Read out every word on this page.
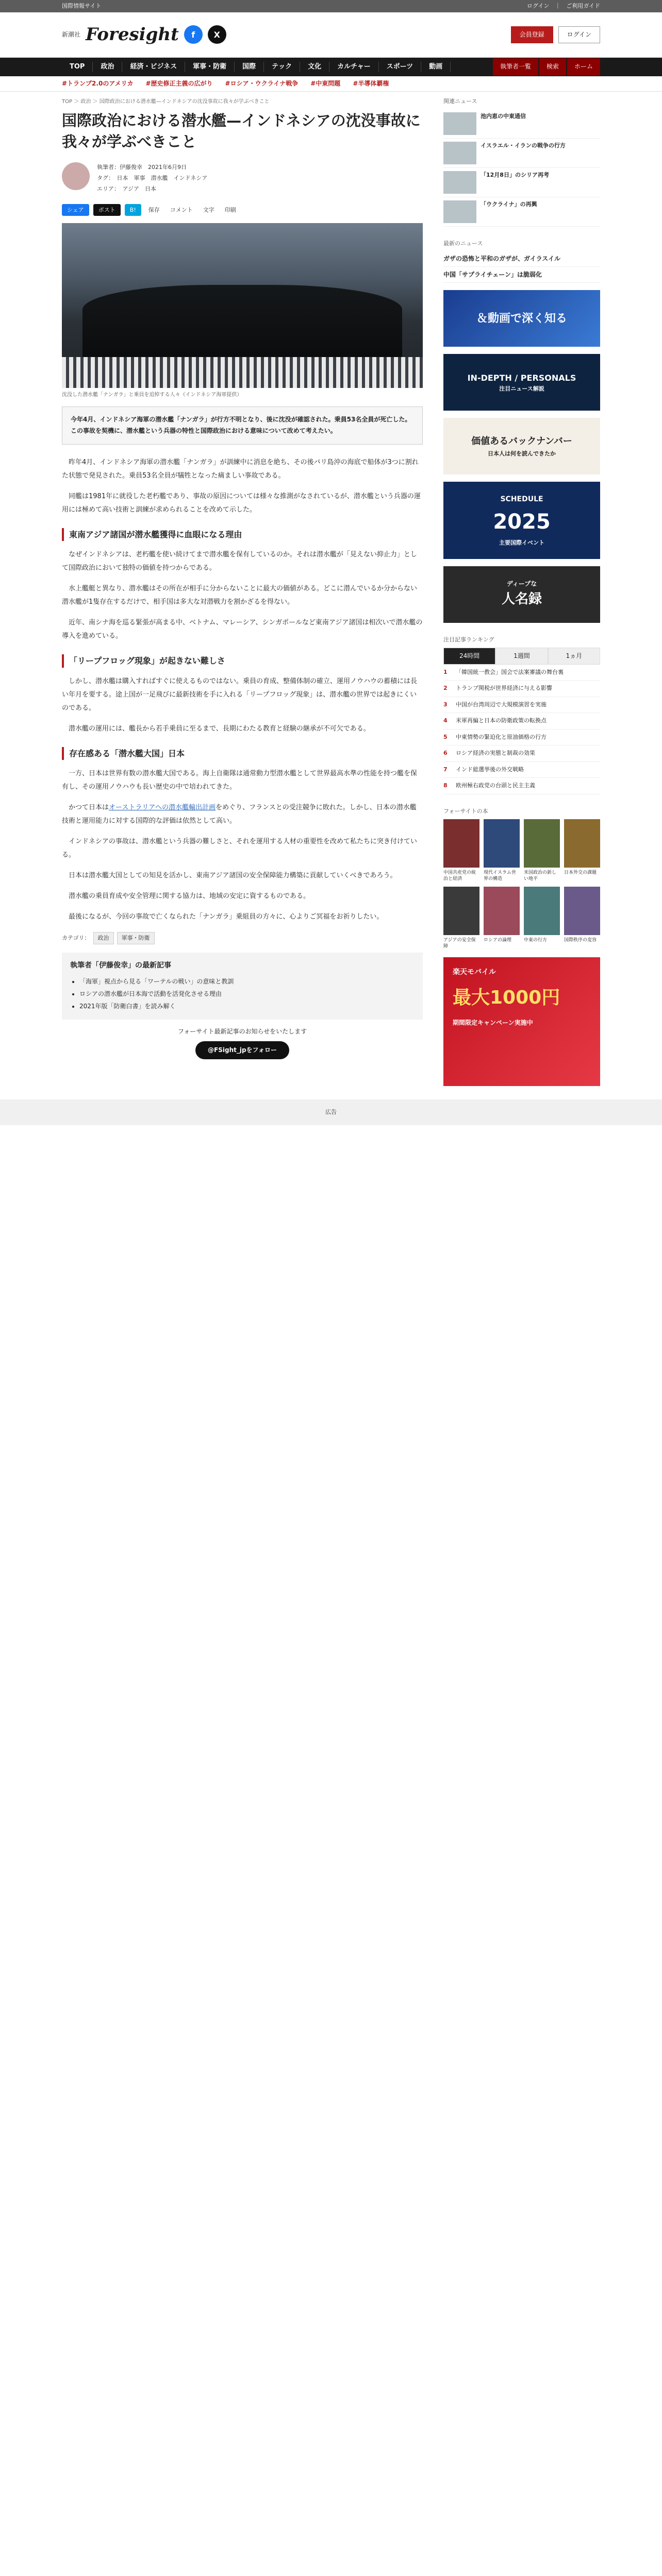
国際情報サイト	ログイン　｜　ご利用ガイド
新潮社 Foresight	f	X	会員登録	ログイン
TOP	政治	経済・ビジネス	軍事・防衛	国際	テック	文化	カルチャー	スポーツ	動画	執筆者一覧	検索	ホーム
#トランプ2.0のアメリカ #歴史修正主義の広がり #ロシア・ウクライナ戦争 #中東問題 #半導体覇権
TOP ＞ 政治 ＞ 国際政治における潜水艦—インドネシアの沈没事故に我々が学ぶべきこと
国際政治における潜水艦—インドネシアの沈没事故に我々が学ぶべきこと
執筆者：伊藤俊幸　 2021年6月9日
タグ：　日本　軍事　潜水艦　インドネシア
エリア：　アジア　日本
シェア	ポスト	B!	保存	コメント	文字	印刷
沈没した潜水艦「ナンガラ」と乗員を追悼する人々（インドネシア海軍提供）
今年4月、インドネシア海軍の潜水艦「ナンガラ」が行方不明となり、後に沈没が確認された。乗員53名全員が死亡した。この事故を契機に、潜水艦という兵器の特性と国際政治における意味について改めて考えたい。

昨年4月、インドネシア海軍の潜水艦「ナンガラ」が訓練中に消息を絶ち、その後バリ島沖の海底で船体が3つに割れた状態で発見された。乗員53名全員が犠牲となった痛ましい事故である。

同艦は1981年に就役した老朽艦であり、事故の原因については様々な推測がなされているが、潜水艦という兵器の運用には極めて高い技術と訓練が求められることを改めて示した。

東南アジア諸国が潜水艦獲得に血眼になる理由

なぜインドネシアは、老朽艦を使い続けてまで潜水艦を保有しているのか。それは潜水艦が「見えない抑止力」として国際政治において独特の価値を持つからである。

水上艦艇と異なり、潜水艦はその所在が相手に分からないことに最大の価値がある。どこに潜んでいるか分からない潜水艦が1隻存在するだけで、相手国は多大な対潜戦力を割かざるを得ない。

近年、南シナ海を巡る緊張が高まる中、ベトナム、マレーシア、シンガポールなど東南アジア諸国は相次いで潜水艦の導入を進めている。

「リープフロッグ現象」が起きない難しさ

しかし、潜水艦は購入すればすぐに使えるものではない。乗員の育成、整備体制の確立、運用ノウハウの蓄積には長い年月を要する。途上国が一足飛びに最新技術を手に入れる「リープフロッグ現象」は、潜水艦の世界では起きにくいのである。

潜水艦の運用には、艦長から若手乗員に至るまで、長期にわたる教育と経験の継承が不可欠である。

存在感ある「潜水艦大国」日本

一方、日本は世界有数の潜水艦大国である。海上自衛隊は通常動力型潜水艦として世界最高水準の性能を持つ艦を保有し、その運用ノウハウも長い歴史の中で培われてきた。

かつて日本はオーストラリアへの潜水艦輸出計画をめぐり、フランスとの受注競争に敗れた。しかし、日本の潜水艦技術と運用能力に対する国際的な評価は依然として高い。

インドネシアの事故は、潜水艦という兵器の難しさと、それを運用する人材の重要性を改めて私たちに突き付けている。

日本は潜水艦大国としての知見を活かし、東南アジア諸国の安全保障能力構築に貢献していくべきであろう。

潜水艦の乗員育成や安全管理に関する協力は、地域の安定に資するものである。

最後になるが、今回の事故で亡くなられた「ナンガラ」乗組員の方々に、心よりご冥福をお祈りしたい。

カテゴリ：	政治	軍事・防衛
執筆者「伊藤俊幸」の最新記事
• 「海軍」視点から見る「ワーテルの戦い」の意味と教訓
• ロシアの潜水艦が日本海で活動を活発化させる理由
• 2021年版「防衛白書」を読み解く
フォーサイト最新記事のお知らせをいたします
@FSight_jpをフォロー
関連ニュース
池内恵の中東通信
イスラエル・イランの戦争の行方
「12月8日」のシリア再考
「ウクライナ」の再興
最新のニュース
ガザの恐怖と平和のガザが、ガイラスイル
中国「サプライチェーン」は脆弱化
＆動画で深く知る
IN-DEPTH / PERSONALS
注目ニュース解説
価値あるバックナンバー
日本人は何を読んできたか
SCHEDULE
2025
主要国際イベント
ディープな
人名録
注目記事ランキング
24時間	1週間	1ヵ月
1	「韓国統一教会」国会で法案審議の舞台裏
2	トランプ関税が世界経済に与える影響
3	中国が台湾周辺で大規模演習を実施
4	米軍再編と日本の防衛政策の転換点
5	中東情勢の緊迫化と原油価格の行方
6	ロシア経済の実態と制裁の効果
7	インド総選挙後の外交戦略
8	欧州極右政党の台頭と民主主義
フォーサイトの本
中国共産党の統治と経済
現代イスラム世界の構造
米国政治の新しい地平
日本外交の課題
アジアの安全保障
ロシアの論理	中東の行方	国際秩序の変容
楽天モバイル
最大1000円
期間限定キャンペーン実施中
広告
